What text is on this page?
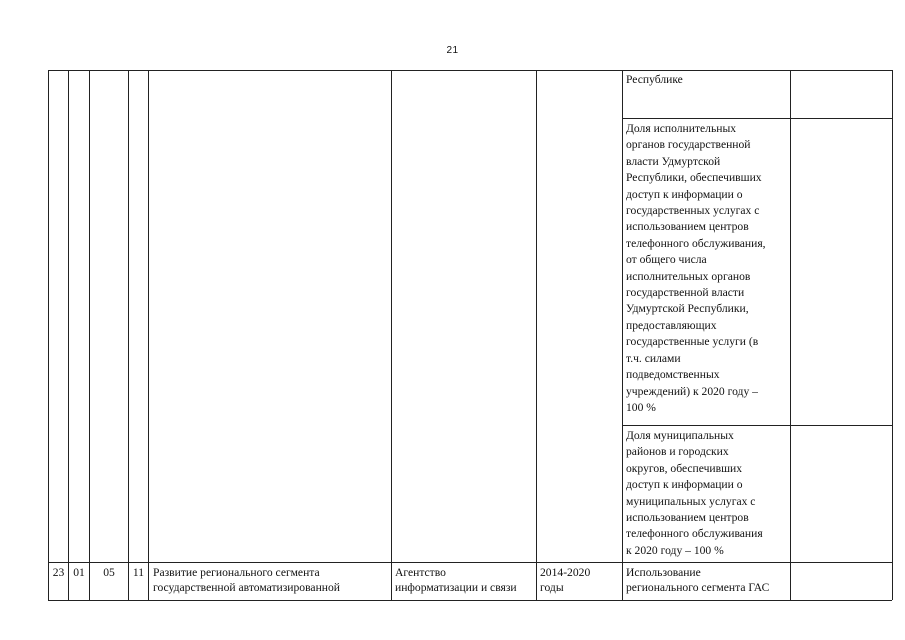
21
Республике
Доля исполнительных
органов государственной
власти Удмуртской
Республики, обеспечивших
доступ к информации о
государственных услугах с
использованием центров
телефонного обслуживания,
от общего числа
исполнительных органов
государственной власти
Удмуртской Республики,
предоставляющих
государственные услуги (в
т.ч. силами
подведомственных
учреждений) к 2020 году –
100 %
Доля муниципальных
районов и городских
округов, обеспечивших
доступ к информации о
муниципальных услугах с
использованием центров
телефонного обслуживания
к 2020 году – 100 %
23 01	05	11 Развитие регионального сегмента
государственной автоматизированной
Агентство
информатизации и связи
2014-2020
годы
Использование
регионального сегмента ГАС
